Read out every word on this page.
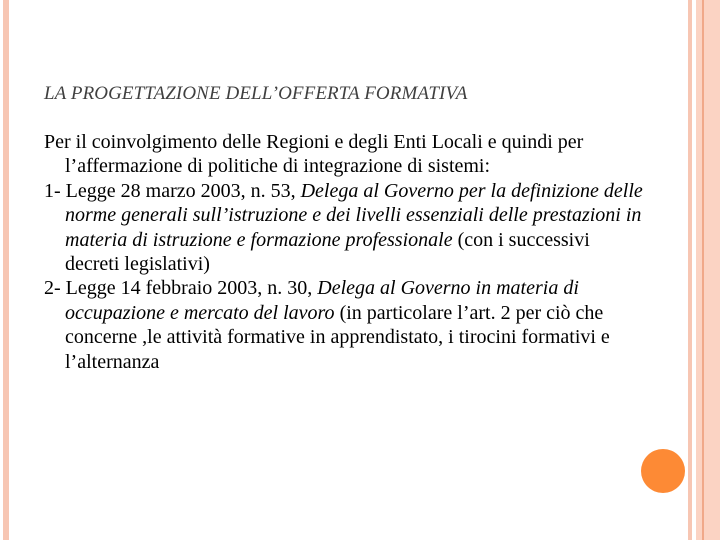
LA PROGETTAZIONE DELL’OFFERTA FORMATIVA

Per il coinvolgimento delle Regioni e degli Enti Locali e quindi per l’affermazione di politiche di integrazione di sistemi:

1- Legge 28 marzo 2003, n. 53, Delega al Governo per la definizione delle norme generali sull’istruzione e dei livelli essenziali delle prestazioni in materia di istruzione e formazione professionale (con i successivi decreti legislativi)

2- Legge 14 febbraio 2003, n. 30, Delega al Governo in materia di occupazione e mercato del lavoro (in particolare l’art. 2 per ciò che concerne ,le attività formative in apprendistato, i tirocini formativi e l’alternanza
